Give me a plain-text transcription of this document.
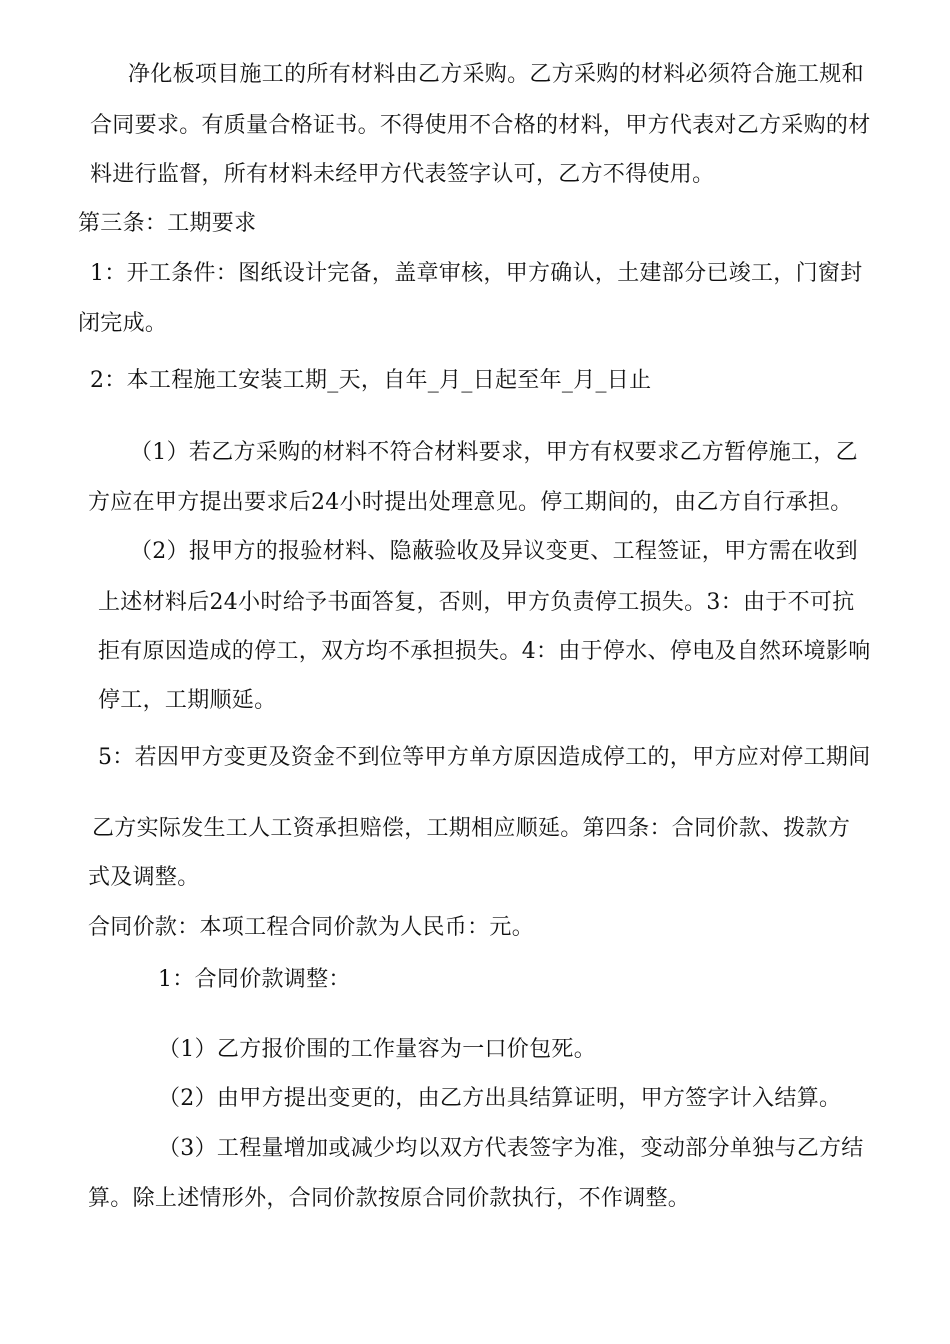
净化板项目施工的所有材料由乙方采购。乙方采购的材料必须符合施工规和
合同要求。有质量合格证书。不得使用不合格的材料，甲方代表对乙方采购的材
料进行监督，所有材料未经甲方代表签字认可，乙方不得使用。
第三条：工期要求
1：开工条件：图纸设计完备，盖章审核，甲方确认，土建部分已竣工，门窗封
闭完成。
2：本工程施工安装工期_天，自年_月_日起至年_月_日止
（1）若乙方采购的材料不符合材料要求，甲方有权要求乙方暂停施工，乙
方应在甲方提出要求后24小时提出处理意见。停工期间的，由乙方自行承担。
（2）报甲方的报验材料、隐蔽验收及异议变更、工程签证，甲方需在收到
上述材料后24小时给予书面答复，否则，甲方负责停工损失。3：由于不可抗
拒有原因造成的停工，双方均不承担损失。4：由于停水、停电及自然环境影响
停工，工期顺延。
5：若因甲方变更及资金不到位等甲方单方原因造成停工的，甲方应对停工期间
乙方实际发生工人工资承担赔偿，工期相应顺延。第四条：合同价款、拨款方
式及调整。
合同价款：本项工程合同价款为人民币：元。
1：合同价款调整：
（1）乙方报价围的工作量容为一口价包死。
（2）由甲方提出变更的，由乙方出具结算证明，甲方签字计入结算。
（3）工程量增加或减少均以双方代表签字为准，变动部分单独与乙方结
算。除上述情形外，合同价款按原合同价款执行，不作调整。
